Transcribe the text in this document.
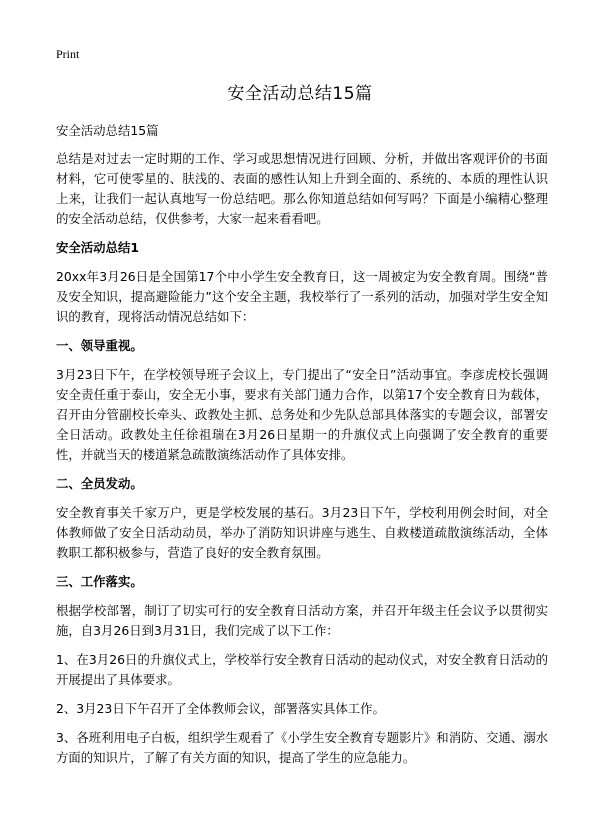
Print
安全活动总结15篇

安全活动总结15篇

总结是对过去一定时期的工作、学习或思想情况进行回顾、分析，并做出客观评价的书面材料，它可使零星的、肤浅的、表面的感性认知上升到全面的、系统的、本质的理性认识上来，让我们一起认真地写一份总结吧。那么你知道总结如何写吗？下面是小编精心整理的安全活动总结，仅供参考，大家一起来看看吧。

安全活动总结1

20xx年3月26日是全国第17个中小学生安全教育日，这一周被定为安全教育周。围绕“普及安全知识，提高避险能力”这个安全主题，我校举行了一系列的活动，加强对学生安全知识的教育，现将活动情况总结如下：

一、领导重视。

3月23日下午，在学校领导班子会议上，专门提出了“安全日”活动事宜。李彦虎校长强调安全责任重于泰山，安全无小事，要求有关部门通力合作，以第17个安全教育日为载体，召开由分管副校长牵头、政教处主抓、总务处和少先队总部具体落实的专题会议，部署安全日活动。政教处主任徐祖瑞在3月26日星期一的升旗仪式上向强调了安全教育的重要性，并就当天的楼道紧急疏散演练活动作了具体安排。

二、全员发动。

安全教育事关千家万户，更是学校发展的基石。3月23日下午，学校利用例会时间，对全体教师做了安全日活动动员，举办了消防知识讲座与逃生、自救楼道疏散演练活动，全体教职工都积极参与，营造了良好的安全教育氛围。

三、工作落实。

根据学校部署，制订了切实可行的安全教育日活动方案，并召开年级主任会议予以贯彻实施，自3月26日到3月31日，我们完成了以下工作：

1、在3月26日的升旗仪式上，学校举行安全教育日活动的起动仪式，对安全教育日活动的开展提出了具体要求。

2、3月23日下午召开了全体教师会议，部署落实具体工作。

3、各班利用电子白板，组织学生观看了《小学生安全教育专题影片》和消防、交通、溺水方面的知识片，了解了有关方面的知识，提高了学生的应急能力。
